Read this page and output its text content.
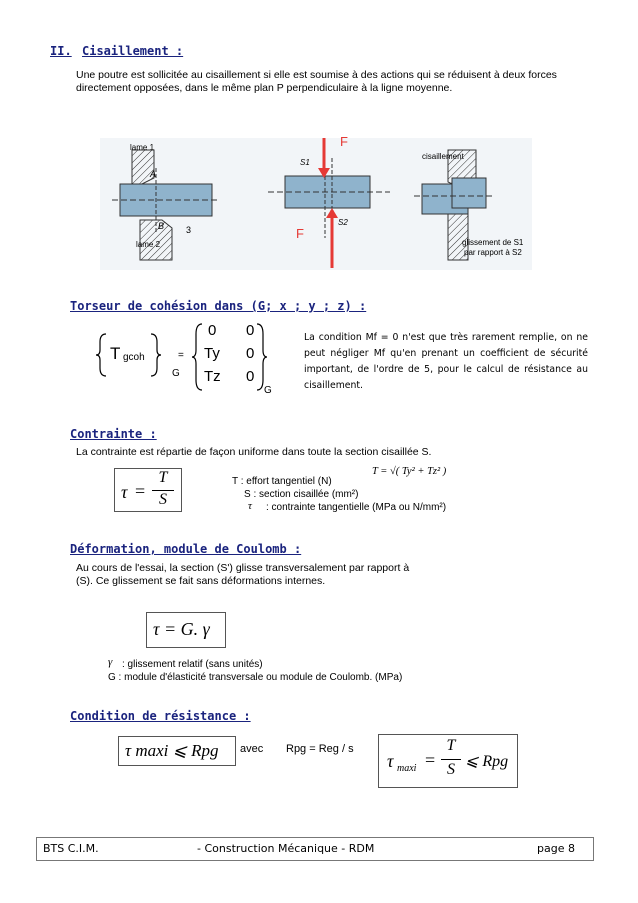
II. Cisaillement :
Une poutre est sollicitée au cisaillement si elle est soumise à des actions qui se réduisent à deux forces directement opposées, dans le même plan P perpendiculaire à la ligne moyenne.
lame 1
lame 2
A
B 3
F
F
S1
S2
cisaillement
glissement de S1
par rapport à S2
Torseur de cohésion dans (G; x ; y ; z) :
T gcoh	=
G
0 0
Ty 0
Tz 0
G
La condition Mf = 0 n'est que très rarement remplie, on ne peut négliger Mf qu'en prenant un coefficient de sécurité important, de l'ordre de 5, pour le calcul de résistance au cisaillement.
Contrainte :
La contrainte est répartie de façon uniforme dans toute la section cisaillée S.
τ =
T
S
T : effort tangentiel (N)
S : section cisaillée (mm²)
τ : contrainte tangentielle (MPa ou N/mm²)
T = √( Ty² + Tz² )
Déformation, module de Coulomb :
Au cours de l'essai, la section (S') glisse transversalement par rapport à (S). Ce glissement se fait sans déformations internes.
τ = G. γ
γ : glissement relatif (sans unités)
G : module d'élasticité transversale ou module de Coulomb. (MPa)
Condition de résistance :
τ maxi ⩽ Rpg avec Rpg = Reg / s
τ maxi =
T
S ⩽ Rpg
BTS C.I.M.	- Construction Mécanique - RDM	page 8
